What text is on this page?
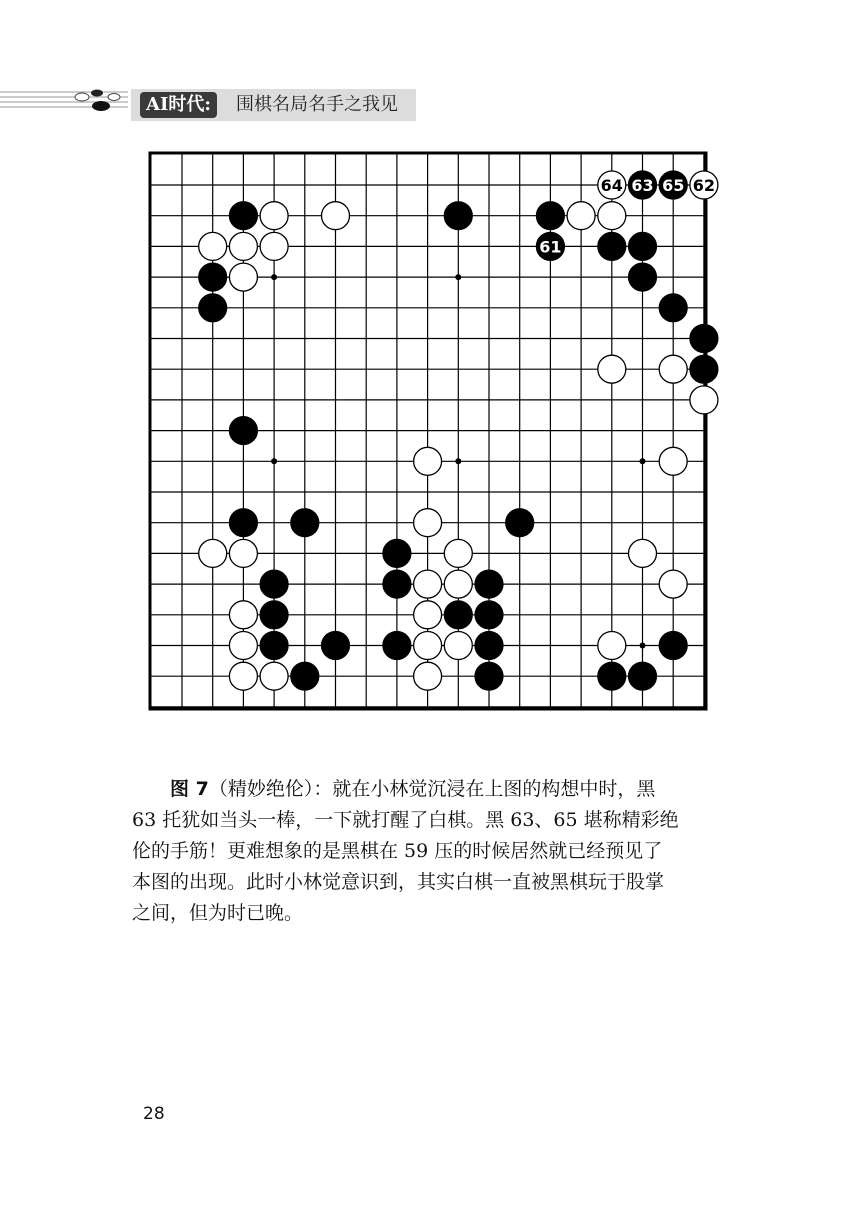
AI时代:	围棋名局名手之我见
64 63 65 62
61
图 7（精妙绝伦）：就在小林觉沉浸在上图的构想中时，黑
63 托犹如当头一棒，一下就打醒了白棋。黑 63、65 堪称精彩绝
伦的手筋！更难想象的是黑棋在 59 压的时候居然就已经预见了
本图的出现。此时小林觉意识到，其实白棋一直被黑棋玩于股掌
之间，但为时已晚。
28
